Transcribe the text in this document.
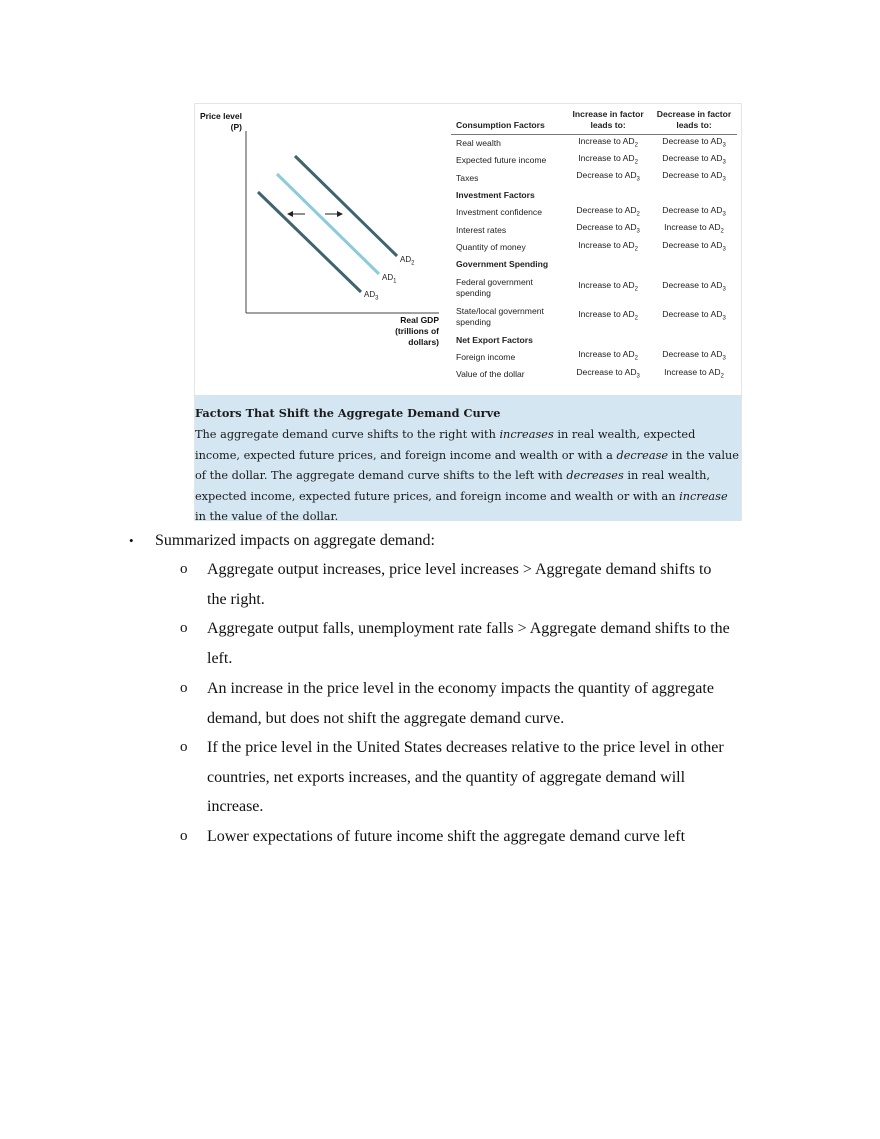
Price level (P)
Real GDP (trillions of dollars)
$AD_2$
$AD_1$
$AD_3$
Consumption Factors	Increase in factor leads to:	Decrease in factor leads to:
Real wealth	Increase to $AD_2$	Decrease to $AD_3$
Expected future income	Increase to $AD_2$	Decrease to $AD_3$
Taxes	Decrease to $AD_3$	Decrease to $AD_3$
Investment Factors		
Investment confidence	Decrease to $AD_2$	Decrease to $AD_3$
Interest rates	Decrease to $AD_3$	Increase to $AD_2$
Quantity of money	Increase to $AD_2$	Decrease to $AD_3$
Government Spending		
Federal government spending	Increase to $AD_2$	Decrease to $AD_3$
State/local government spending	Increase to $AD_2$	Decrease to $AD_3$
Net Export Factors		
Foreign income	Increase to $AD_2$	Decrease to $AD_3$
Value of the dollar	Decrease to $AD_3$	Increase to $AD_2$
Factors That Shift the Aggregate Demand Curve
The aggregate demand curve shifts to the right with increases in real wealth, expected income, expected future prices, and foreign income and wealth or with a decrease in the value of the dollar. The aggregate demand curve shifts to the left with decreases in real wealth, expected income, expected future prices, and foreign income and wealth or with an increase in the value of the dollar.
• Summarized impacts on aggregate demand:
o Aggregate output increases, price level increases > Aggregate demand shifts to
the right.
o Aggregate output falls, unemployment rate falls > Aggregate demand shifts to the
left.
o An increase in the price level in the economy impacts the quantity of aggregate
demand, but does not shift the aggregate demand curve.
o If the price level in the United States decreases relative to the price level in other
countries, net exports increases, and the quantity of aggregate demand will
increase.
o Lower expectations of future income shift the aggregate demand curve left
